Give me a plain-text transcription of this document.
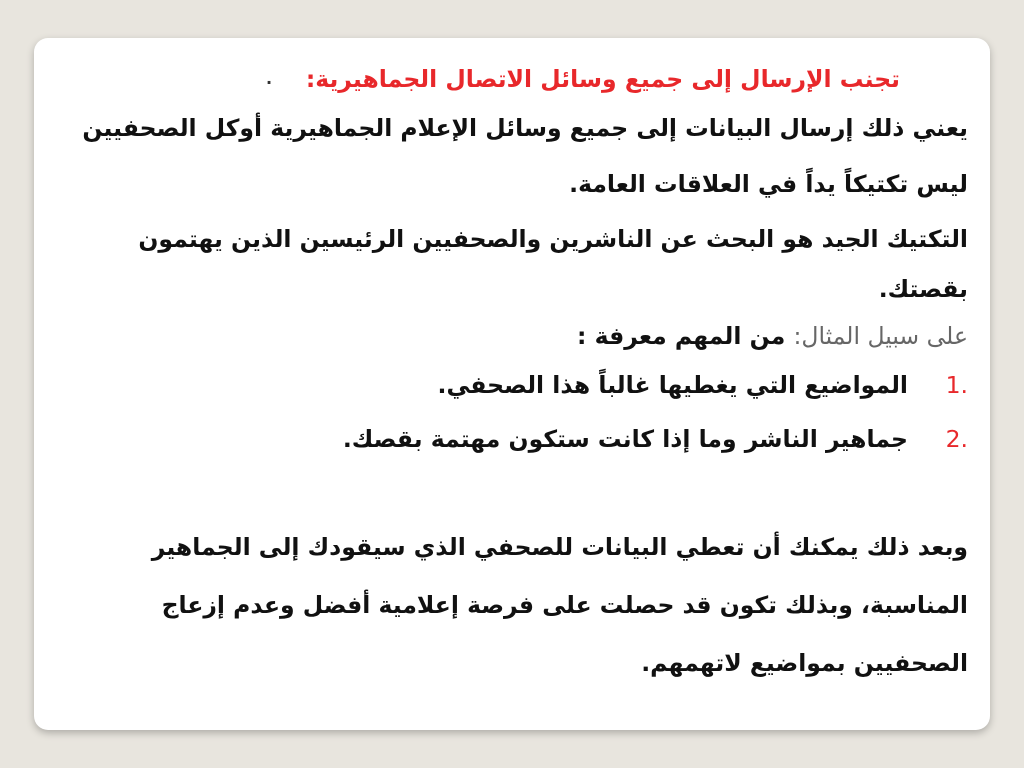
. تجنب الإرسال إلى جميع وسائل الاتصال الجماهيرية:

يعني ذلك إرسال البيانات إلى جميع وسائل الإعلام الجماهيرية أوكل الصحفيين ليس تكتيكاً يداً في العلاقات العامة.

التكتيك الجيد هو البحث عن الناشرين والصحفيين الرئيسين الذين يهتمون بقصتك.

على سبيل المثال: من المهم معرفة :
1.
المواضيع التي يغطيها غالباً هذا الصحفي.
2.
جماهير الناشر وما إذا كانت ستكون مهتمة بقصك.

وبعد ذلك يمكنك أن تعطي البيانات للصحفي الذي سيقودك إلى الجماهير المناسبة، وبذلك تكون قد حصلت على فرصة إعلامية أفضل وعدم إزعاج الصحفيين بمواضيع لاتهمهم.
